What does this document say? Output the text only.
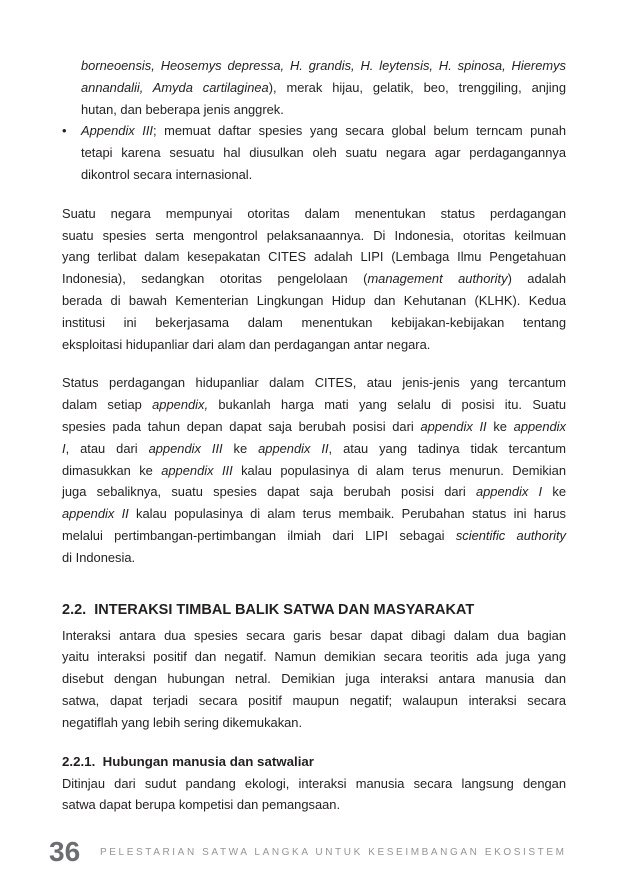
borneoensis, Heosemys depressa, H. grandis, H. leytensis, H. spinosa, Hieremys
annandalii, Amyda cartilaginea), merak hijau, gelatik, beo, trenggiling, anjing
hutan, dan beberapa jenis anggrek.
• Appendix III; memuat daftar spesies yang secara global belum terncam punah
tetapi karena sesuatu hal diusulkan oleh suatu negara agar perdagangannya
dikontrol secara internasional.
Suatu negara mempunyai otoritas dalam menentukan status perdagangan
suatu spesies serta mengontrol pelaksanaannya. Di Indonesia, otoritas keilmuan
yang terlibat dalam kesepakatan CITES adalah LIPI (Lembaga Ilmu Pengetahuan
Indonesia), sedangkan otoritas pengelolaan (management authority) adalah
berada di bawah Kementerian Lingkungan Hidup dan Kehutanan (KLHK). Kedua
institusi ini bekerjasama dalam menentukan kebijakan-kebijakan tentang
eksploitasi hidupanliar dari alam dan perdagangan antar negara.
Status perdagangan hidupanliar dalam CITES, atau jenis-jenis yang tercantum
dalam setiap appendix, bukanlah harga mati yang selalu di posisi itu. Suatu
spesies pada tahun depan dapat saja berubah posisi dari appendix II ke appendix
I, atau dari appendix III ke appendix II, atau yang tadinya tidak tercantum
dimasukkan ke appendix III kalau populasinya di alam terus menurun. Demikian
juga sebaliknya, suatu spesies dapat saja berubah posisi dari appendix I ke
appendix II kalau populasinya di alam terus membaik. Perubahan status ini harus
melalui pertimbangan-pertimbangan ilmiah dari LIPI sebagai scientific authority
di Indonesia.
2.2.  INTERAKSI TIMBAL BALIK SATWA DAN MASYARAKAT
Interaksi antara dua spesies secara garis besar dapat dibagi dalam dua bagian
yaitu interaksi positif dan negatif. Namun demikian secara teoritis ada juga yang
disebut dengan hubungan netral. Demikian juga interaksi antara manusia dan
satwa, dapat terjadi secara positif maupun negatif; walaupun interaksi secara
negatiflah yang lebih sering dikemukakan.
2.2.1.  Hubungan manusia dan satwaliar
Ditinjau dari sudut pandang ekologi, interaksi manusia secara langsung dengan
satwa dapat berupa kompetisi dan pemangsaan.
36 PELESTARIAN SATWA LANGKA UNTUK KESEIMBANGAN EKOSISTEM
